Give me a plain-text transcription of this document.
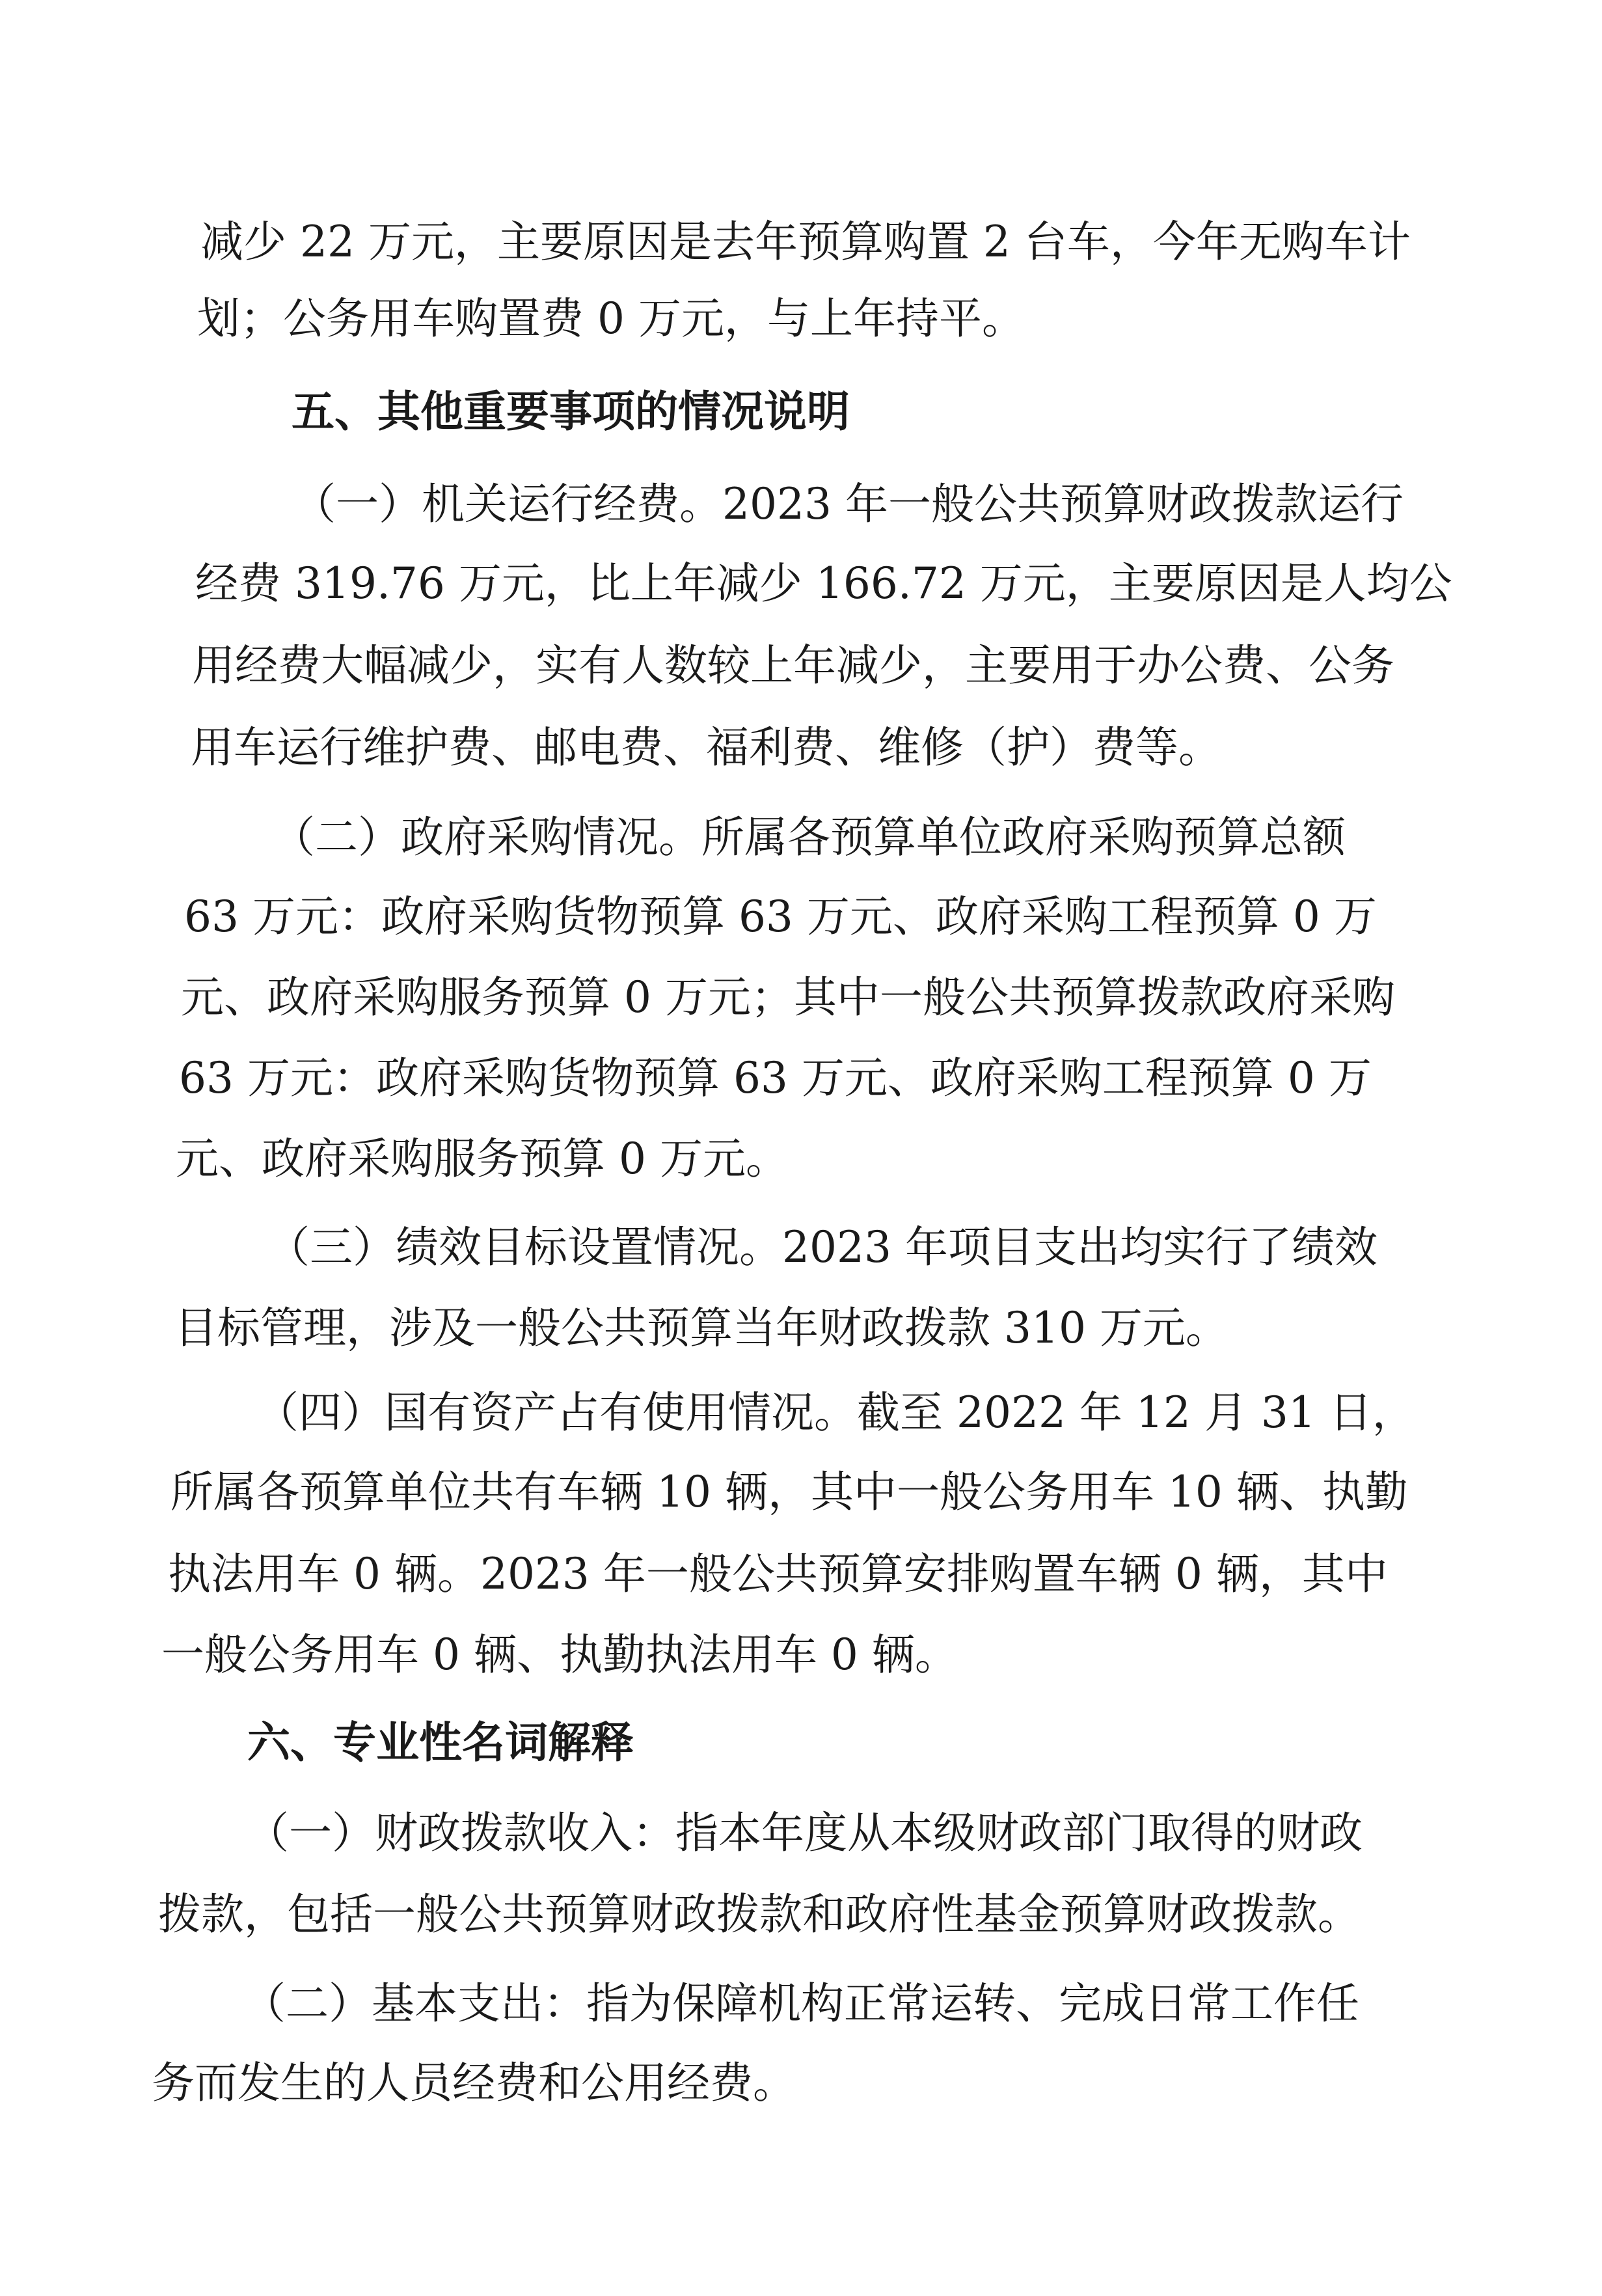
减少 22 万元，主要原因是去年预算购置 2 台车，今年无购车计
划；公务用车购置费 0 万元，与上年持平。
五、其他重要事项的情况说明
（一）机关运行经费。2023 年一般公共预算财政拨款运行
经费 319.76 万元，比上年减少 166.72 万元，主要原因是人均公
用经费大幅减少，实有人数较上年减少，主要用于办公费、公务
用车运行维护费、邮电费、福利费、维修（护）费等。
（二）政府采购情况。所属各预算单位政府采购预算总额
63 万元：政府采购货物预算 63 万元、政府采购工程预算 0 万
元、政府采购服务预算 0 万元；其中一般公共预算拨款政府采购
63 万元：政府采购货物预算 63 万元、政府采购工程预算 0 万
元、政府采购服务预算 0 万元。
（三）绩效目标设置情况。2023 年项目支出均实行了绩效
目标管理，涉及一般公共预算当年财政拨款 310 万元。
（四）国有资产占有使用情况。截至 2022 年 12 月 31 日，
所属各预算单位共有车辆 10 辆，其中一般公务用车 10 辆、执勤
执法用车 0 辆。2023 年一般公共预算安排购置车辆 0 辆，其中
一般公务用车 0 辆、执勤执法用车 0 辆。
六、专业性名词解释
（一）财政拨款收入：指本年度从本级财政部门取得的财政
拨款，包括一般公共预算财政拨款和政府性基金预算财政拨款。
（二）基本支出：指为保障机构正常运转、完成日常工作任
务而发生的人员经费和公用经费。
